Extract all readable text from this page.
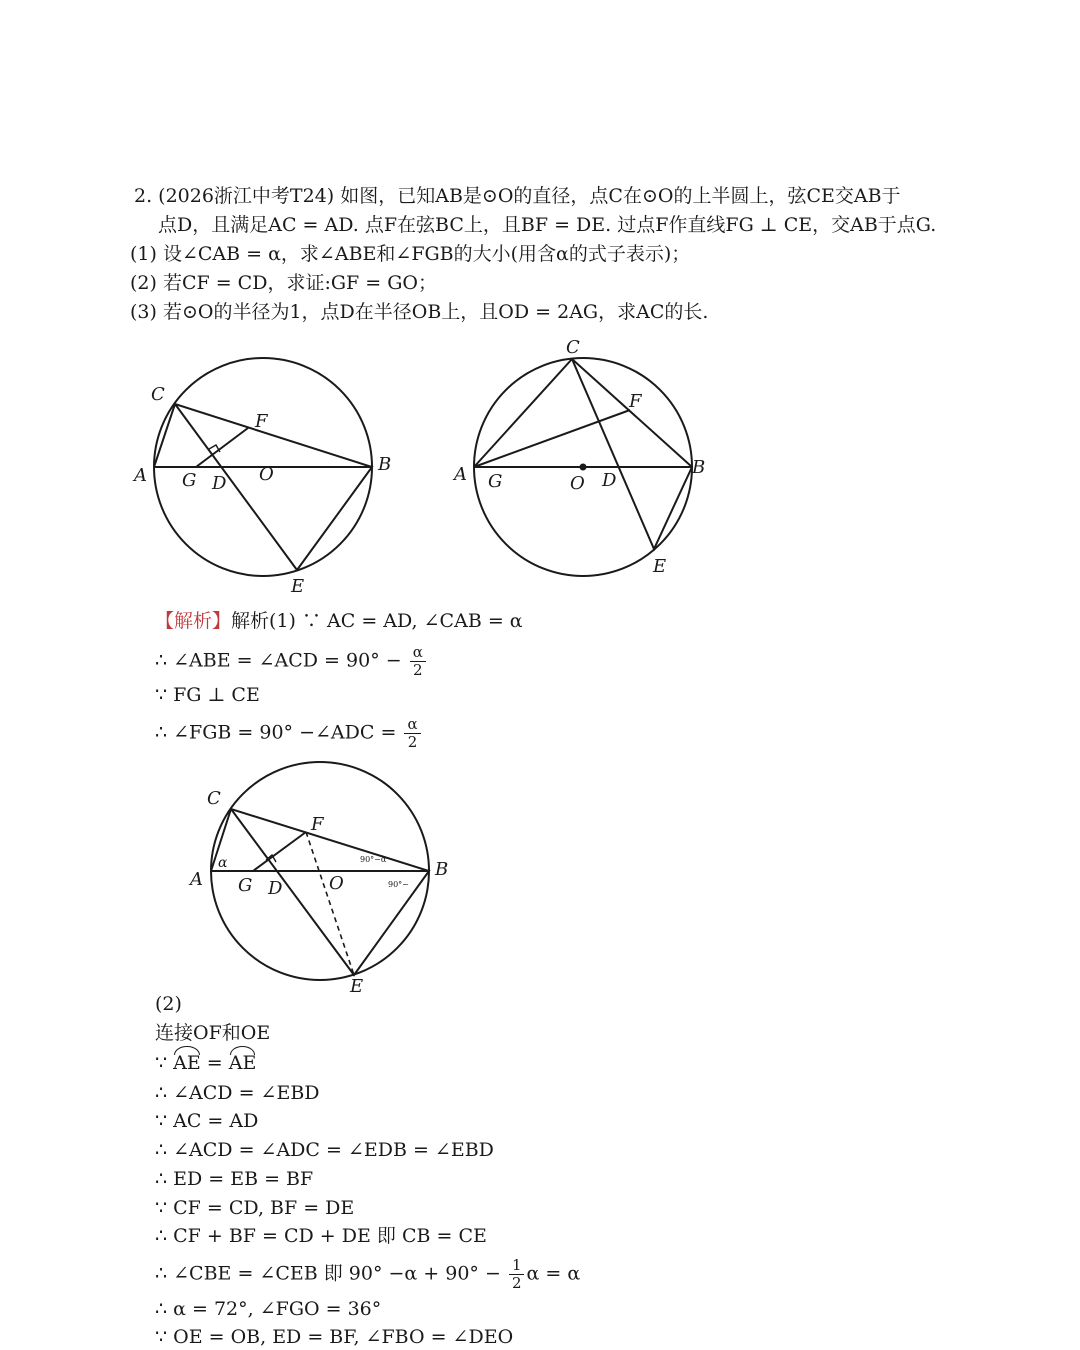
2. (2026浙江中考T24) 如图，已知AB是⊙O的直径，点C在⊙O的上半圆上，弦CE交AB于
点D，且满足AC = AD. 点F在弦BC上，且BF = DE. 过点F作直线FG ⊥ CE，交AB于点G.
(1) 设∠CAB = α，求∠ABE和∠FGB的大小(用含α的式子表示)；
(2) 若CF = CD，求证:GF = GO；
(3) 若⊙O的半径为1，点D在半径OB上，且OD = 2AG，求AC的长.
C
A
B
F
G D O
E
C
A	B
F
G	O D
E
【解析】解析(1) ∵ AC = AD, ∠CAB = α
∴ ∠ABE = ∠ACD = $90^\circ - \frac{\alpha}{2}$
∵ FG ⊥ CE
∴ ∠FGB = 90° −∠ADC = $\frac{\alpha}{2}$
C
A	B
F
G D	O
E
α	90°−α
90°−
(2)
连接OF和OE
∵ AE = AE
∴ ∠ACD = ∠EBD
∵ AC = AD
∴ ∠ACD = ∠ADC = ∠EDB = ∠EBD
∴ ED = EB = BF
∵ CF = CD, BF = DE
∴ CF + BF = CD + DE 即 CB = CE
∴ ∠CBE = ∠CEB 即 $90^\circ -\alpha + 90^\circ - \frac{1}{2}$ α = α
∴ α = 72°, ∠FGO = 36°
∵ OE = OB, ED = BF, ∠FBO = ∠DEO
